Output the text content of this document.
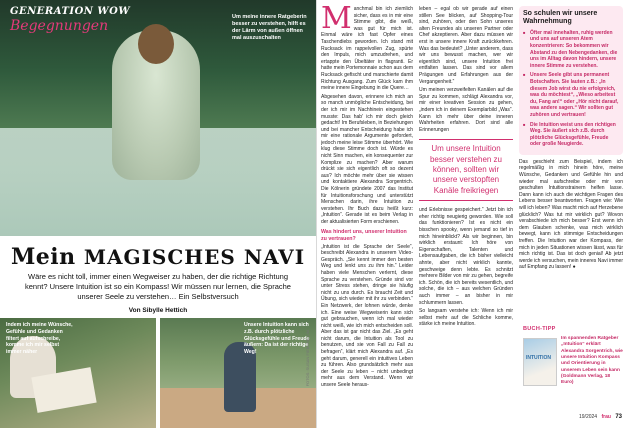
GENERATION WOW
Begegnungen
Um meine innere Ratgeberin besser zu verstehen, hilft es der Lärm von außen öffnen mal auszuschalten
Mein MAGISCHES NAVI

Wäre es nicht toll, immer einen Wegweiser zu haben, der die richtige Richtung kennt? Unsere Intuition ist so ein Kompass! Wir müssen nur lernen, die Sprache unserer Seele zu verstehen… Ein Selbstversuch

Von Sibylle Hettich

Indem ich meine Wünsche, Gefühle und Gedanken filtert auf aufschreibe, komme ich mir selbst immer näher
Unsere Intuition kann sich z.B. durch plötzliche Glücksgefühle und Freude äußern: Da ist der richtige Weg!	FOTOS: SUSAN FIEBERBLUM

Manchmal bin ich ziemlich sicher, dass es in mir eine Stimme gibt, die weiß, was gut für mich ist. Einmal wäre ich fast Opfer eines Taschendiebs geworden. Ich stand mit Rucksack im rappelvollen Zug, spürte den Impuls, mich umzudrehen, und ertappte den Übeltäter in flagranti. Er hatte mein Portemonnaie schon aus dem Rucksack gefischt und marschierte damit Richtung Ausgang. Zum Glück kam ihm meine innere Eingebung in die Quere…

Abgesehen davon, erinnere ich mich an so manch unmögliche Entscheidung, bei der ich mir im Nachhinein eingestehen musste: Das hab' ich mir doch gleich gedacht! Im Berufsleben, in Beziehungen und bei mancher Entscheidung habe ich mir eine rationale Argumente gefordert, jedoch meine leise Stimme überhört. Wie klug diese Stimme doch ist. Würde es nicht Sinn machen, ein konsequenter zur Komplize zu machen? Aber warum drückt sie sich eigentlich oft so dezent aus? Ich möchte mehr über sie wissen und kontaktiere Alexandra Sorgentrich. Die Kölnerin gründete 2007 das Institut für Intuitionsforschung und unterstützt Menschen darin, ihre Intuition zu verstehen. Ihr Buch dazu heißt kurz: „Intuition“. Gerade ist es beim Verlag in der aktualisierten Form erschienen.

Was hindert uns, unserer Intuition zu vertrauen?

„Intuition ist die Sprache der Seele“, beschreibt Alexandra in unserem Video-Gespräch. „Sie kennt immer den besten Weg und lenkt uns zu ihm hin.“ Leider haben viele Menschen verlernt, diese Sprache zu verstehen. Gründe sind vor unter Stress stehen, dringe sie häufig nicht zu uns durch. Es braucht Zeit und Übung, sich wieder mit ihr zu verbinden.“ Ein Netzwerk, der lohnen würde, denke ich. Eine weise Wegweiserin kann sich gut gebrauchen, wenn ich mal wieder nicht weiß, wie ich mich entscheiden soll. Aber das ist gar nicht das Ziel. „Es geht nicht darum, die Intuition als Tool zu benutzen, und sie von Fall zu Fall zu befragen“, klärt mich Alexandra auf. „Es geht darum, generell ein intuitives Leben zu führen. Also grundsätzlich mehr aus der Seele zu leben – nicht unbedingt mehr aus dem Verstand. Wenn wir unsere Seele heraus-

leben – egal ob wir gerade auf einen stillen See blicken, auf Shopping-Tour sind, zuhören, oder den Sohn unseres alten Freundes als unseren Partner oder Chef akzeptieren. Aber dazu müssen wir erst in unsere innere Kraft zurückkehren. Was das bedeutet? „Unter anderem, dass wir uns bewusst machen, wer wir eigentlich sind, unsere Intuition frei entfalten lassen. Das sind vor allem Prägungen und Erfahrungen aus der Vergangenheit.“

Um meinen verzweifelten Kanälen auf die Spur zu kommen, schlägt Alexandra vor, mir einer kreativen Session zu gehen, „indem ich in deinem Exemplarbild „Was“. Kann ich mehr über deine inneren Wahrheiten erfahren. Dort sind alle Erinnerungen

Um unsere Intuition besser verstehen zu können, sollten wir unsere verstopften Kanäle freikriegen

und Erlebnisse gespeichert.“ Jetzt bin ich eher richtig neugierig geworden. Wie soll das funktionieren? Ist es nicht ein bisschen spooky, wenn jemand so tief in mich hineinblickt? Als wir beginnen, bin wirklich erstaunt: Ich höre von Eigenschaften, Talenten und Lebensaufgaben, die ich bisher vielleicht ahnte, aber nicht wirklich kannte, geschweige denn lebte. Es schnitzt mehrere Bilder von mir zu gehen, begreife ich. Schön, die ich bereits wesentlich, und solche, die ich – aus welchen Gründen auch immer – an bisher in mir schlummern lassen.

So langsam verstehe ich: Wenn ich mir selbst mehr auf die Schliche komme, stärke ich meine Intuition.

So schulen wir unsere Wahrnehmung
■ Öfter mal innehalten, ruhig werden und uns auf unseren Atem konzentrieren: So bekommen wir Abstand zu den Nebengedanken, die uns im Alltag davon hindern, unsere innere Stimme zu verstehen.
■ Unsere Seele gibt uns permanent Botschaften. Sie lauten z.B.: „In diesem Job wirst du nie erfolgreich, was du möchtest“, „Wieso arbeitest du, Fang an!“ oder „Hör nicht darauf, was andere sagen.“ Wir sollten gut zuhören und vertrauen!
■ Die Intuition weist uns den richtigen Weg. Sie äußert sich z.B. durch plötzliche Glücksgefühle, Freude oder große Neugierde.

Das geschieht zum Beispiel, indem ich regelmäßig in mich hinein höre, meine Wünsche, Gedanken und Gefühle hin und wieder mal aufschreibe oder mir von geschulten Intuitionstrainern helfen lasse. Dann kann ich auch die wichtigen Fragen des Lebens besser beantworten. Fragen wie: Wie will ich leben? Was macht mich auf Herzebene glücklich? Was tut mir wirklich gut? Wovon verabschiede ich mich besser? Erst wenn ich dem Glauben schenke, was mich wirklich bewegt, kann ich stimmige Entscheidungen treffen. Die Intuition war der Kompass, der mich in jeden Situationen wissen lässt, was für mich richtig ist. Das ist doch genial! Ab jetzt werde ich versuchen, mein inneres Navi immer auf Empfang zu lassen! ●

BUCH-TIPP
INTUITION
Im spannenden Ratgeber „Intuition“ erklärt Alexandra Sorgentrich, wie unsere Intuition Kompass und Orientierung in unserem Leben sein kann (Goldmann Verlag, 18 Euro)
19/2024 frau 73
